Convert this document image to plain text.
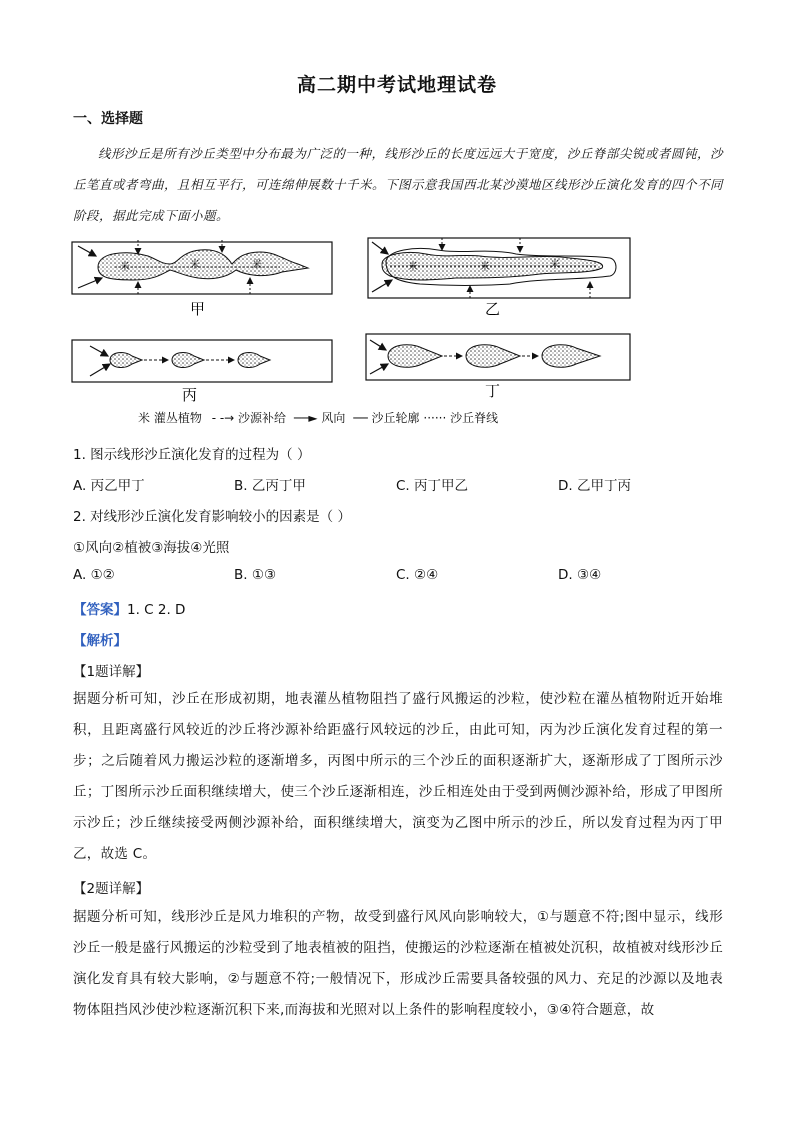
高二期中考试地理试卷
一、选择题
线形沙丘是所有沙丘类型中分布最为广泛的一种，线形沙丘的长度远远大于宽度，沙丘脊部尖锐或者圆钝，沙丘笔直或者弯曲，且相互平行，可连绵伸展数十千米。下图示意我国西北某沙漠地区线形沙丘演化发育的四个不同阶段，据此完成下面小题。
⽶	⽶	⽶
甲
⽶	⽶	⽶
乙
丙	丁
⽶ 灌丛植物 - -→ 沙源补给 ──► 风向 ── 沙丘轮廓 ······ 沙丘脊线
1. 图示线形沙丘演化发育的过程为（ ）
A. 丙乙甲丁	B. 乙丙丁甲	C. 丙丁甲乙	D. 乙甲丁丙
2. 对线形沙丘演化发育影响较小的因素是（ ）
①风向②植被③海拔④光照
A. ①②	B. ①③	C. ②④	D. ③④
【答案】1. C 2. D
【解析】
【1题详解】
据题分析可知，沙丘在形成初期，地表灌丛植物阻挡了盛行风搬运的沙粒，使沙粒在灌丛植物附近开始堆积，且距离盛行风较近的沙丘将沙源补给距盛行风较远的沙丘，由此可知，丙为沙丘演化发育过程的第一步；之后随着风力搬运沙粒的逐渐增多，丙图中所示的三个沙丘的面积逐渐扩大，逐渐形成了丁图所示沙丘；丁图所示沙丘面积继续增大，使三个沙丘逐渐相连，沙丘相连处由于受到两侧沙源补给，形成了甲图所示沙丘；沙丘继续接受两侧沙源补给，面积继续增大，演变为乙图中所示的沙丘，所以发育过程为丙丁甲乙，故选 C。
【2题详解】
据题分析可知，线形沙丘是风力堆积的产物，故受到盛行风风向影响较大，①与题意不符;图中显示，线形沙丘一般是盛行风搬运的沙粒受到了地表植被的阻挡，使搬运的沙粒逐渐在植被处沉积，故植被对线形沙丘演化发育具有较大影响，②与题意不符;一般情况下，形成沙丘需要具备较强的风力、充足的沙源以及地表物体阻挡风沙使沙粒逐渐沉积下来,而海拔和光照对以上条件的影响程度较小，③④符合题意，故
